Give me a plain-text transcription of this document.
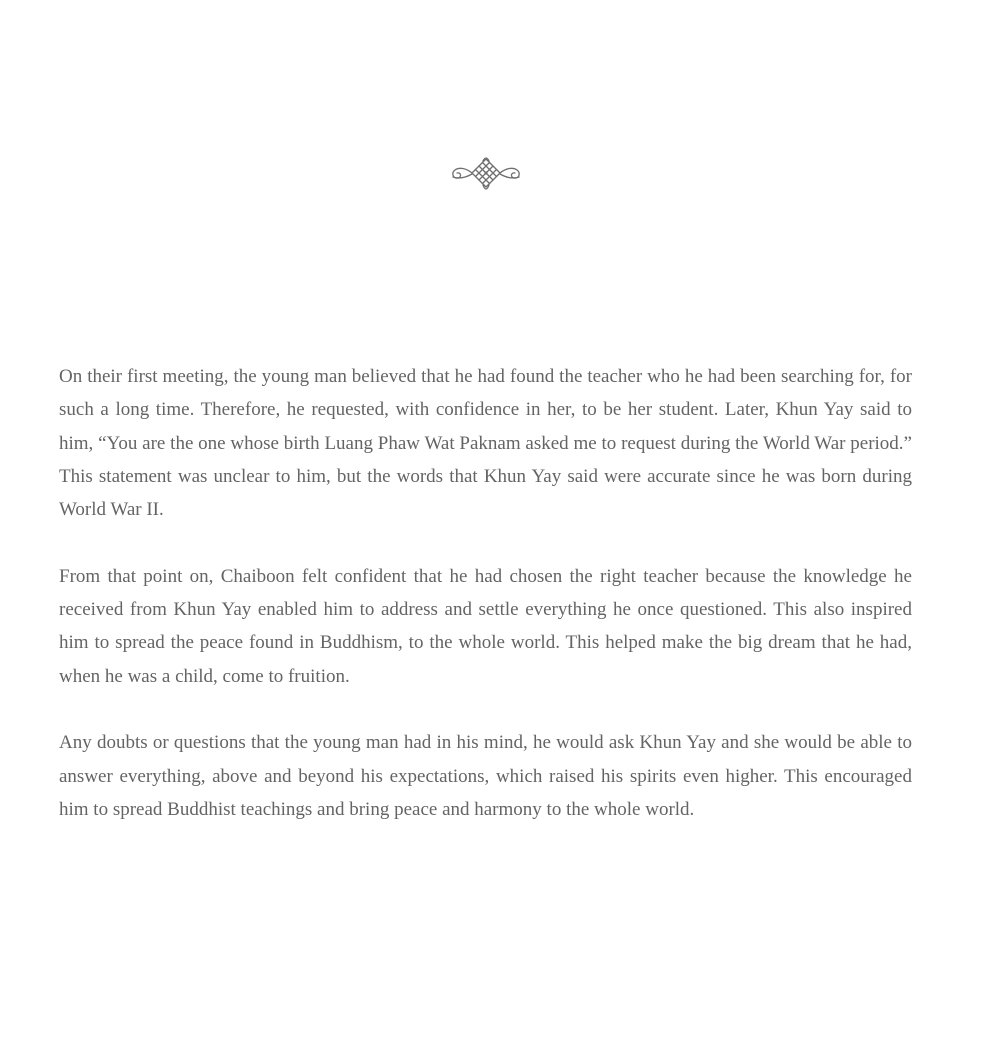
On their first meeting, the young man believed that he had found the teacher who he had been searching for, for such a long time. Therefore, he requested, with confidence in her, to be her student. Later, Khun Yay said to him, “You are the one whose birth Luang Phaw Wat Paknam asked me to request during the World War period.” This statement was unclear to him, but the words that Khun Yay said were accurate since he was born during World War II.

From that point on, Chaiboon felt confident that he had chosen the right teacher because the knowledge he received from Khun Yay enabled him to address and settle everything he once questioned. This also inspired him to spread the peace found in Buddhism, to the whole world. This helped make the big dream that he had, when he was a child, come to fruition.

Any doubts or questions that the young man had in his mind, he would ask Khun Yay and she would be able to answer everything, above and beyond his expectations, which raised his spirits even higher. This encouraged him to spread Buddhist teachings and bring peace and harmony to the whole world.
